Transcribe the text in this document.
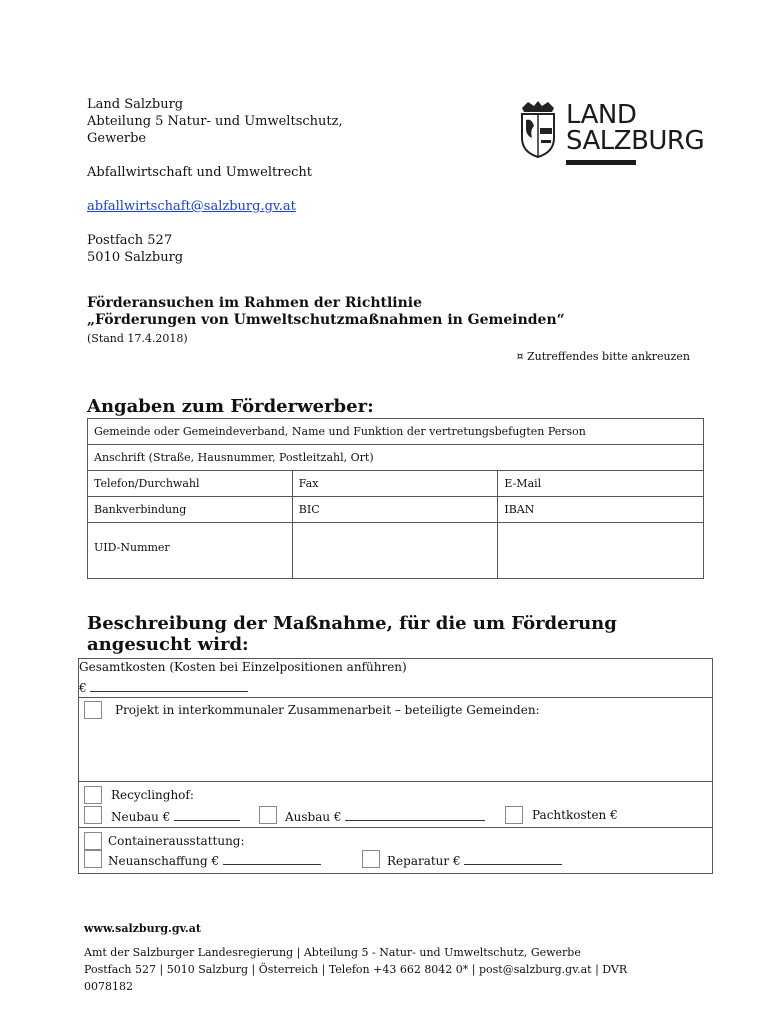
Land Salzburg
Abteilung 5 Natur- und Umweltschutz,
Gewerbe
Abfallwirtschaft und Umweltrecht
abfallwirtschaft@salzburg.gv.at
Postfach 527
5010 Salzburg
LAND
SALZBURG
Förderansuchen im Rahmen der Richtlinie
„Förderungen von Umweltschutzmaßnahmen in Gemeinden“
(Stand 17.4.2018)
¤ Zutreffendes bitte ankreuzen
Angaben zum Förderwerber:
Gemeinde oder Gemeindeverband, Name und Funktion der vertretungsbefugten Person		
Anschrift (Straße, Hausnummer, Postleitzahl, Ort)		
Telefon/Durchwahl	Fax	E-Mail
Bankverbindung	BIC	IBAN
UID-Nummer		
Beschreibung der Maßnahme, für die um Förderung
angesucht wird:
Gesamtkosten (Kosten bei Einzelpositionen anführen)
€
Projekt in interkommunaler Zusammenarbeit – beteiligte Gemeinden:
Recyclinghof:
Neubau €	Ausbau €	Pachtkosten €
Containerausstattung:
Neuanschaffung €	Reparatur €
www.salzburg.gv.at
Amt der Salzburger Landesregierung | Abteilung 5 - Natur- und Umweltschutz, Gewerbe
Postfach 527 | 5010 Salzburg | Österreich | Telefon +43 662 8042 0* | post@salzburg.gv.at | DVR
0078182
